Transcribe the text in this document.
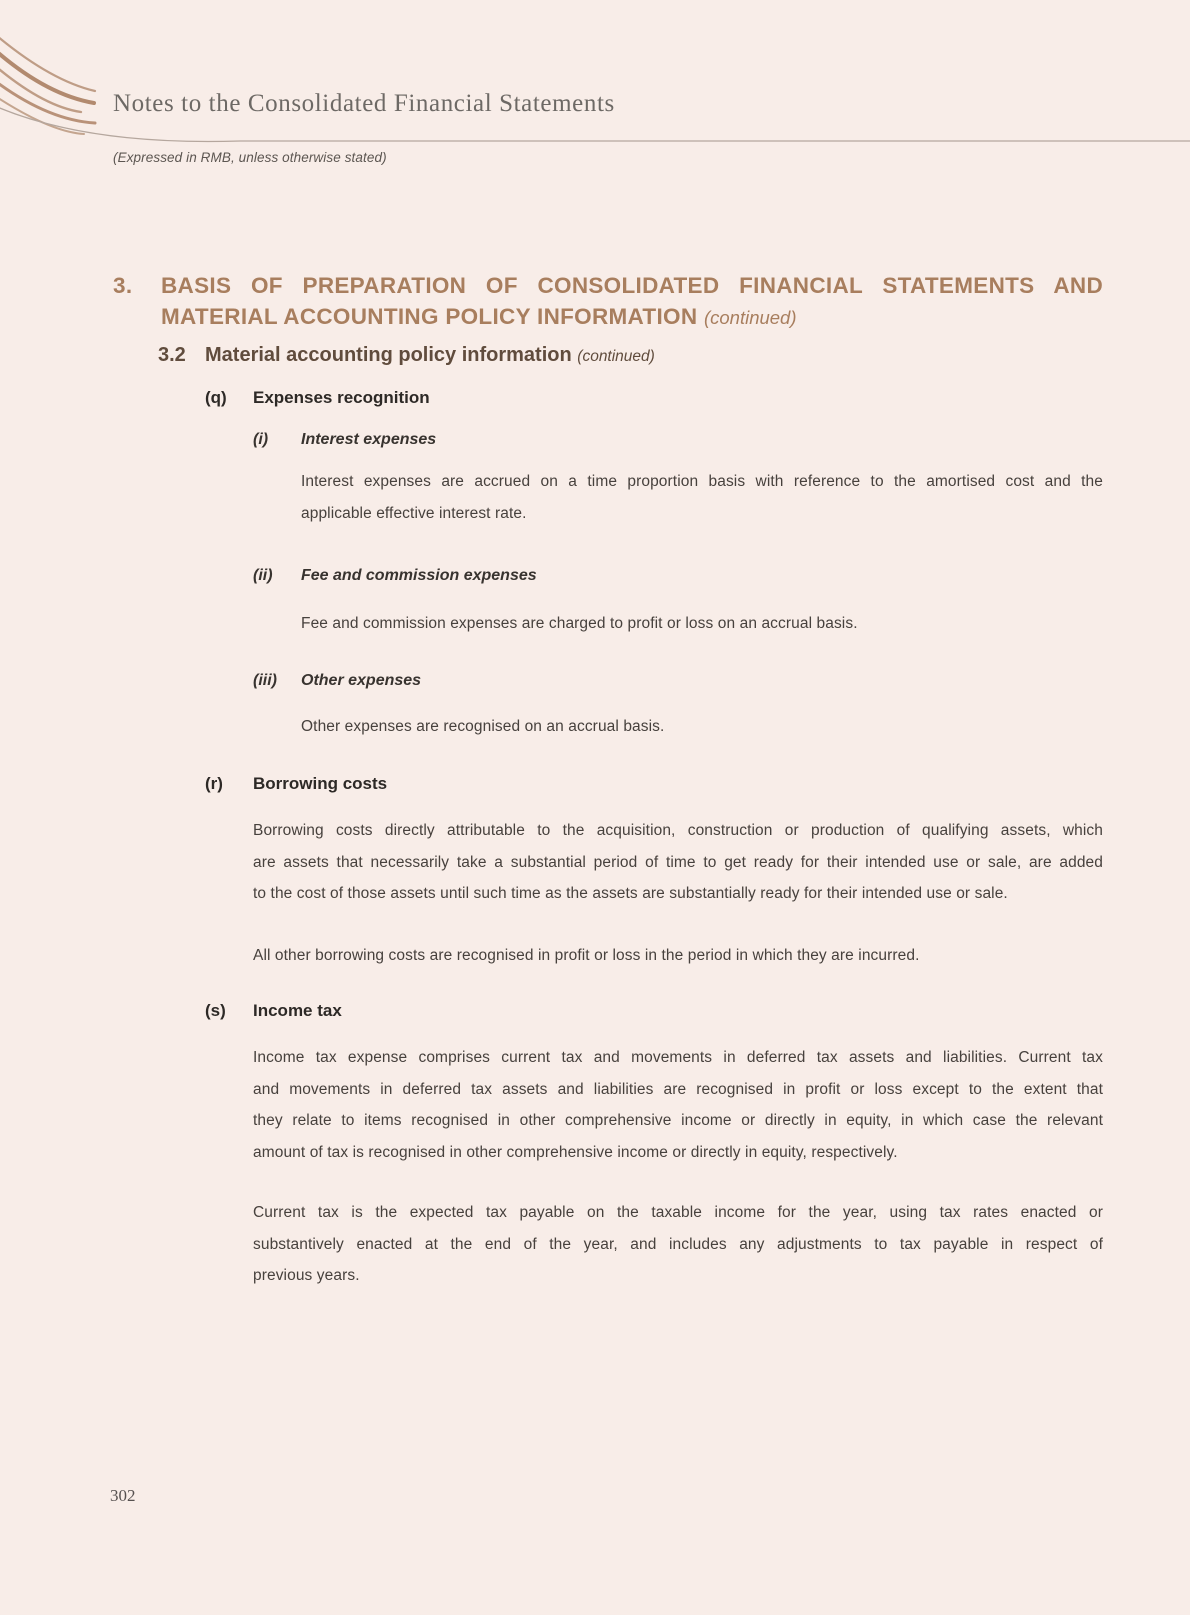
Notes to the Consolidated Financial Statements
(Expressed in RMB, unless otherwise stated)
3.	BASIS OF PREPARATION OF CONSOLIDATED FINANCIAL STATEMENTS AND
MATERIAL ACCOUNTING POLICY INFORMATION (continued)
3.2 Material accounting policy information (continued)
(q)	Expenses recognition
(i)	Interest expenses
Interest expenses are accrued on a time proportion basis with reference to the amortised cost and the
applicable effective interest rate.
(ii)	Fee and commission expenses
Fee and commission expenses are charged to profit or loss on an accrual basis.
(iii)	Other expenses
Other expenses are recognised on an accrual basis.
(r)	Borrowing costs
Borrowing costs directly attributable to the acquisition, construction or production of qualifying assets, which
are assets that necessarily take a substantial period of time to get ready for their intended use or sale, are added
to the cost of those assets until such time as the assets are substantially ready for their intended use or sale.
All other borrowing costs are recognised in profit or loss in the period in which they are incurred.
(s)	Income tax
Income tax expense comprises current tax and movements in deferred tax assets and liabilities. Current tax
and movements in deferred tax assets and liabilities are recognised in profit or loss except to the extent that
they relate to items recognised in other comprehensive income or directly in equity, in which case the relevant
amount of tax is recognised in other comprehensive income or directly in equity, respectively.
Current tax is the expected tax payable on the taxable income for the year, using tax rates enacted or
substantively enacted at the end of the year, and includes any adjustments to tax payable in respect of
previous years.
302
